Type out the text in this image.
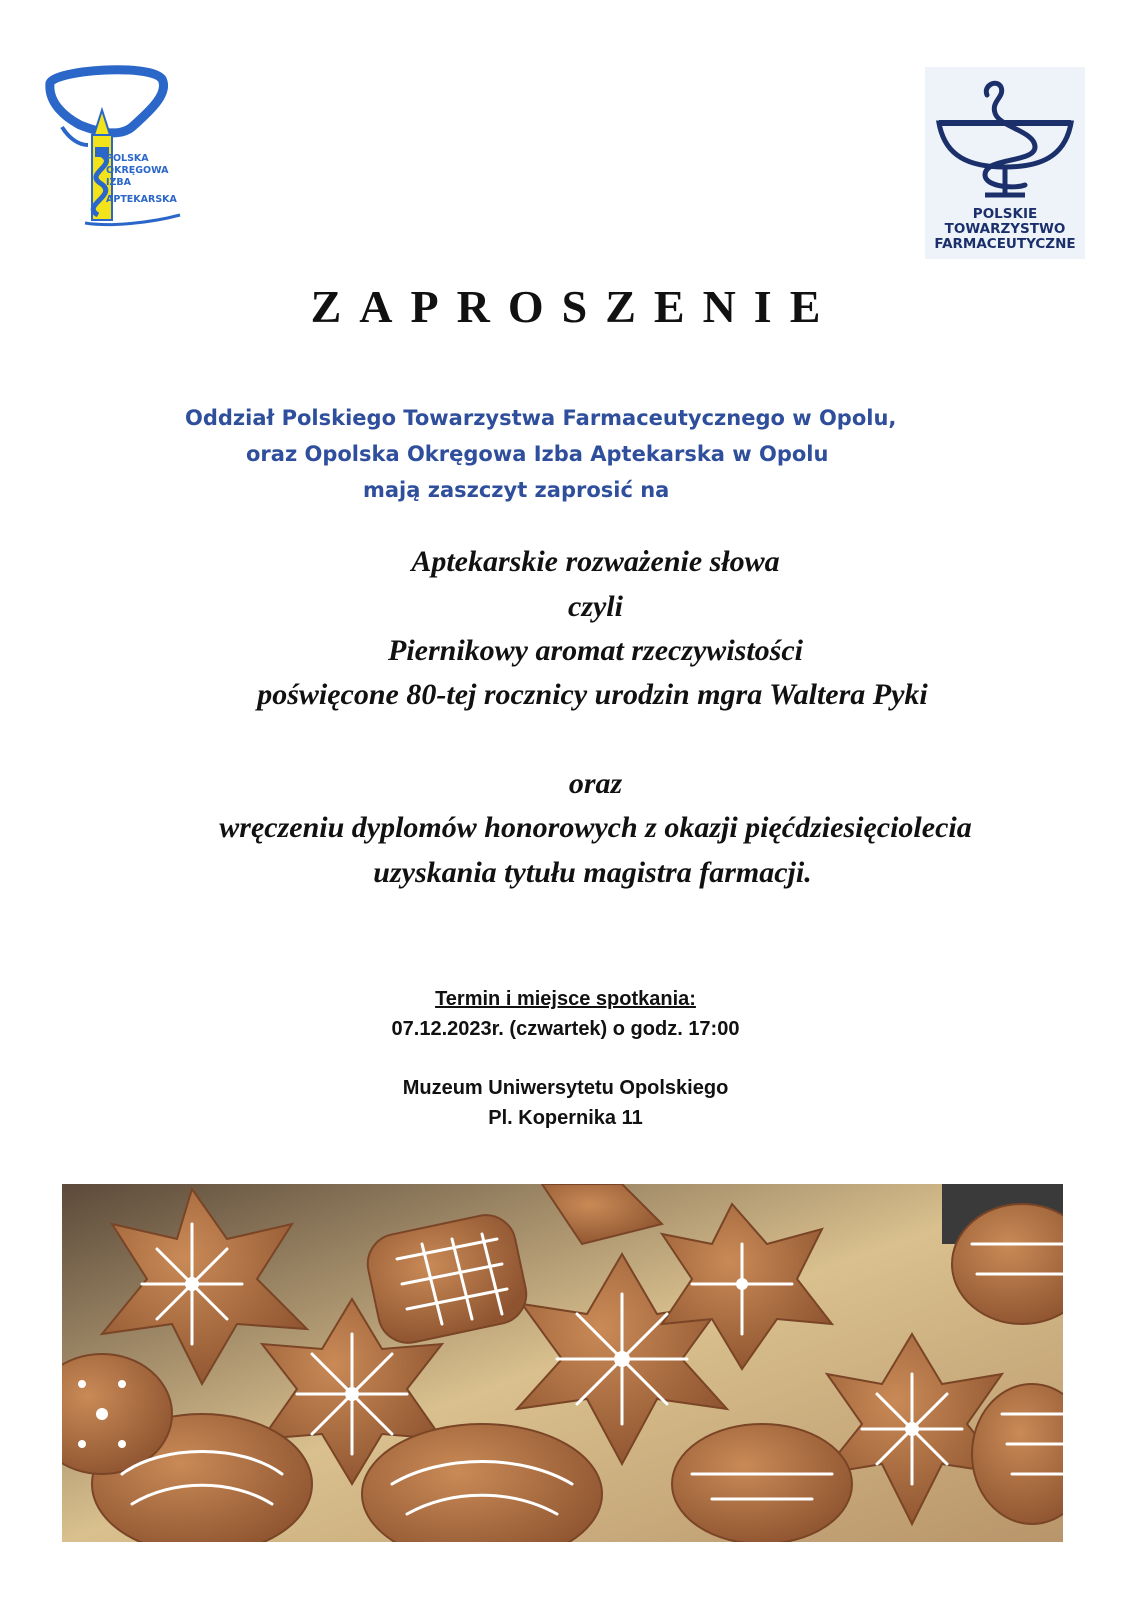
POLSKA
OKRĘGOWA
IZBA
APTEKARSKA
POLSKIE
TOWARZYSTWO
FARMACEUTYCZNE
ZAPROSZENIE
Oddział Polskiego Towarzystwa Farmaceutycznego w Opolu,
oraz Opolska Okręgowa Izba Aptekarska w Opolu
mają zaszczyt zaprosić na
Aptekarskie rozważenie słowa
czyli
Piernikowy aromat rzeczywistości
poświęcone 80-tej rocznicy urodzin mgra Waltera Pyki
oraz
wręczeniu dyplomów honorowych z okazji pięćdziesięciolecia
uzyskania tytułu magistra farmacji.
Termin i miejsce spotkania:
07.12.2023r. (czwartek) o godz. 17:00
Muzeum Uniwersytetu Opolskiego
Pl. Kopernika 11
